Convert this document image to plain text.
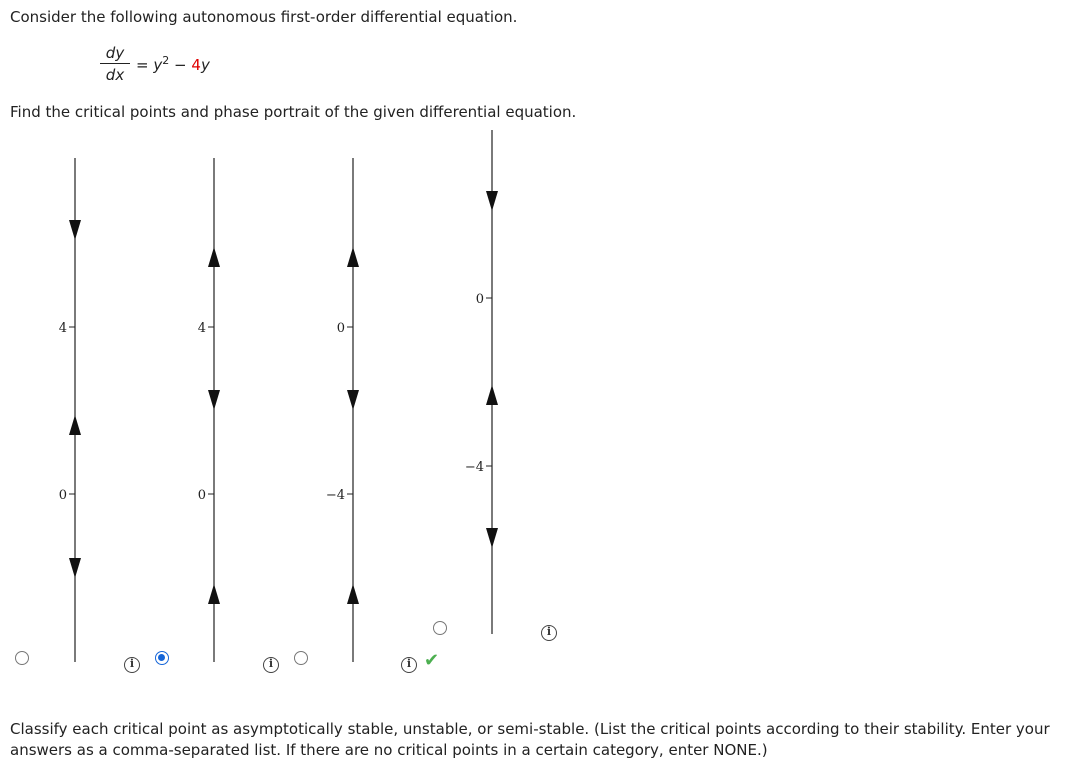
Consider the following autonomous first-order differential equation.
dy
dx
= $y^2 - 4y$
Find the critical points and phase portrait of the given differential equation.
4
0
4
0
0
−4
0
−4
i
i
i
✔
i
Classify each critical point as asymptotically stable, unstable, or semi-stable. (List the critical points according to their stability. Enter your answers as a comma-separated list. If there are no critical points in a certain category, enter NONE.)
